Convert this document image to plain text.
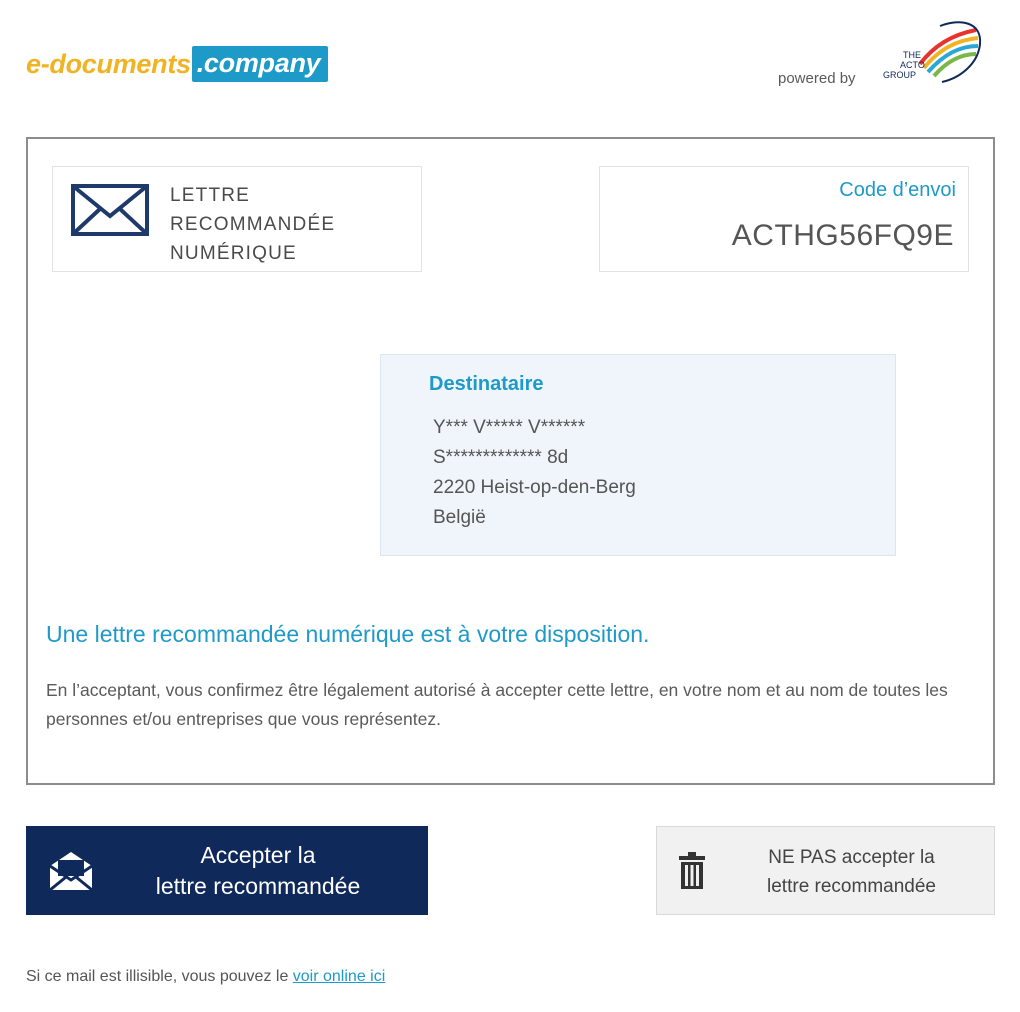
e-documents .company
powered by
THE
ACTO
GROUP
LETTRE
RECOMMANDÉE
NUMÉRIQUE
Code d’envoi
ACTHG56FQ9E
Destinataire
Y*** V***** V******
S************* 8d
2220 Heist-op-den-Berg
België
Une lettre recommandée numérique est à votre disposition.
En l’acceptant, vous confirmez être légalement autorisé à accepter cette lettre, en votre nom et au nom de toutes les personnes et/ou entreprises que vous représentez.
Accepter la
lettre recommandée
NE PAS accepter la
lettre recommandée
Si ce mail est illisible, vous pouvez le voir online ici
